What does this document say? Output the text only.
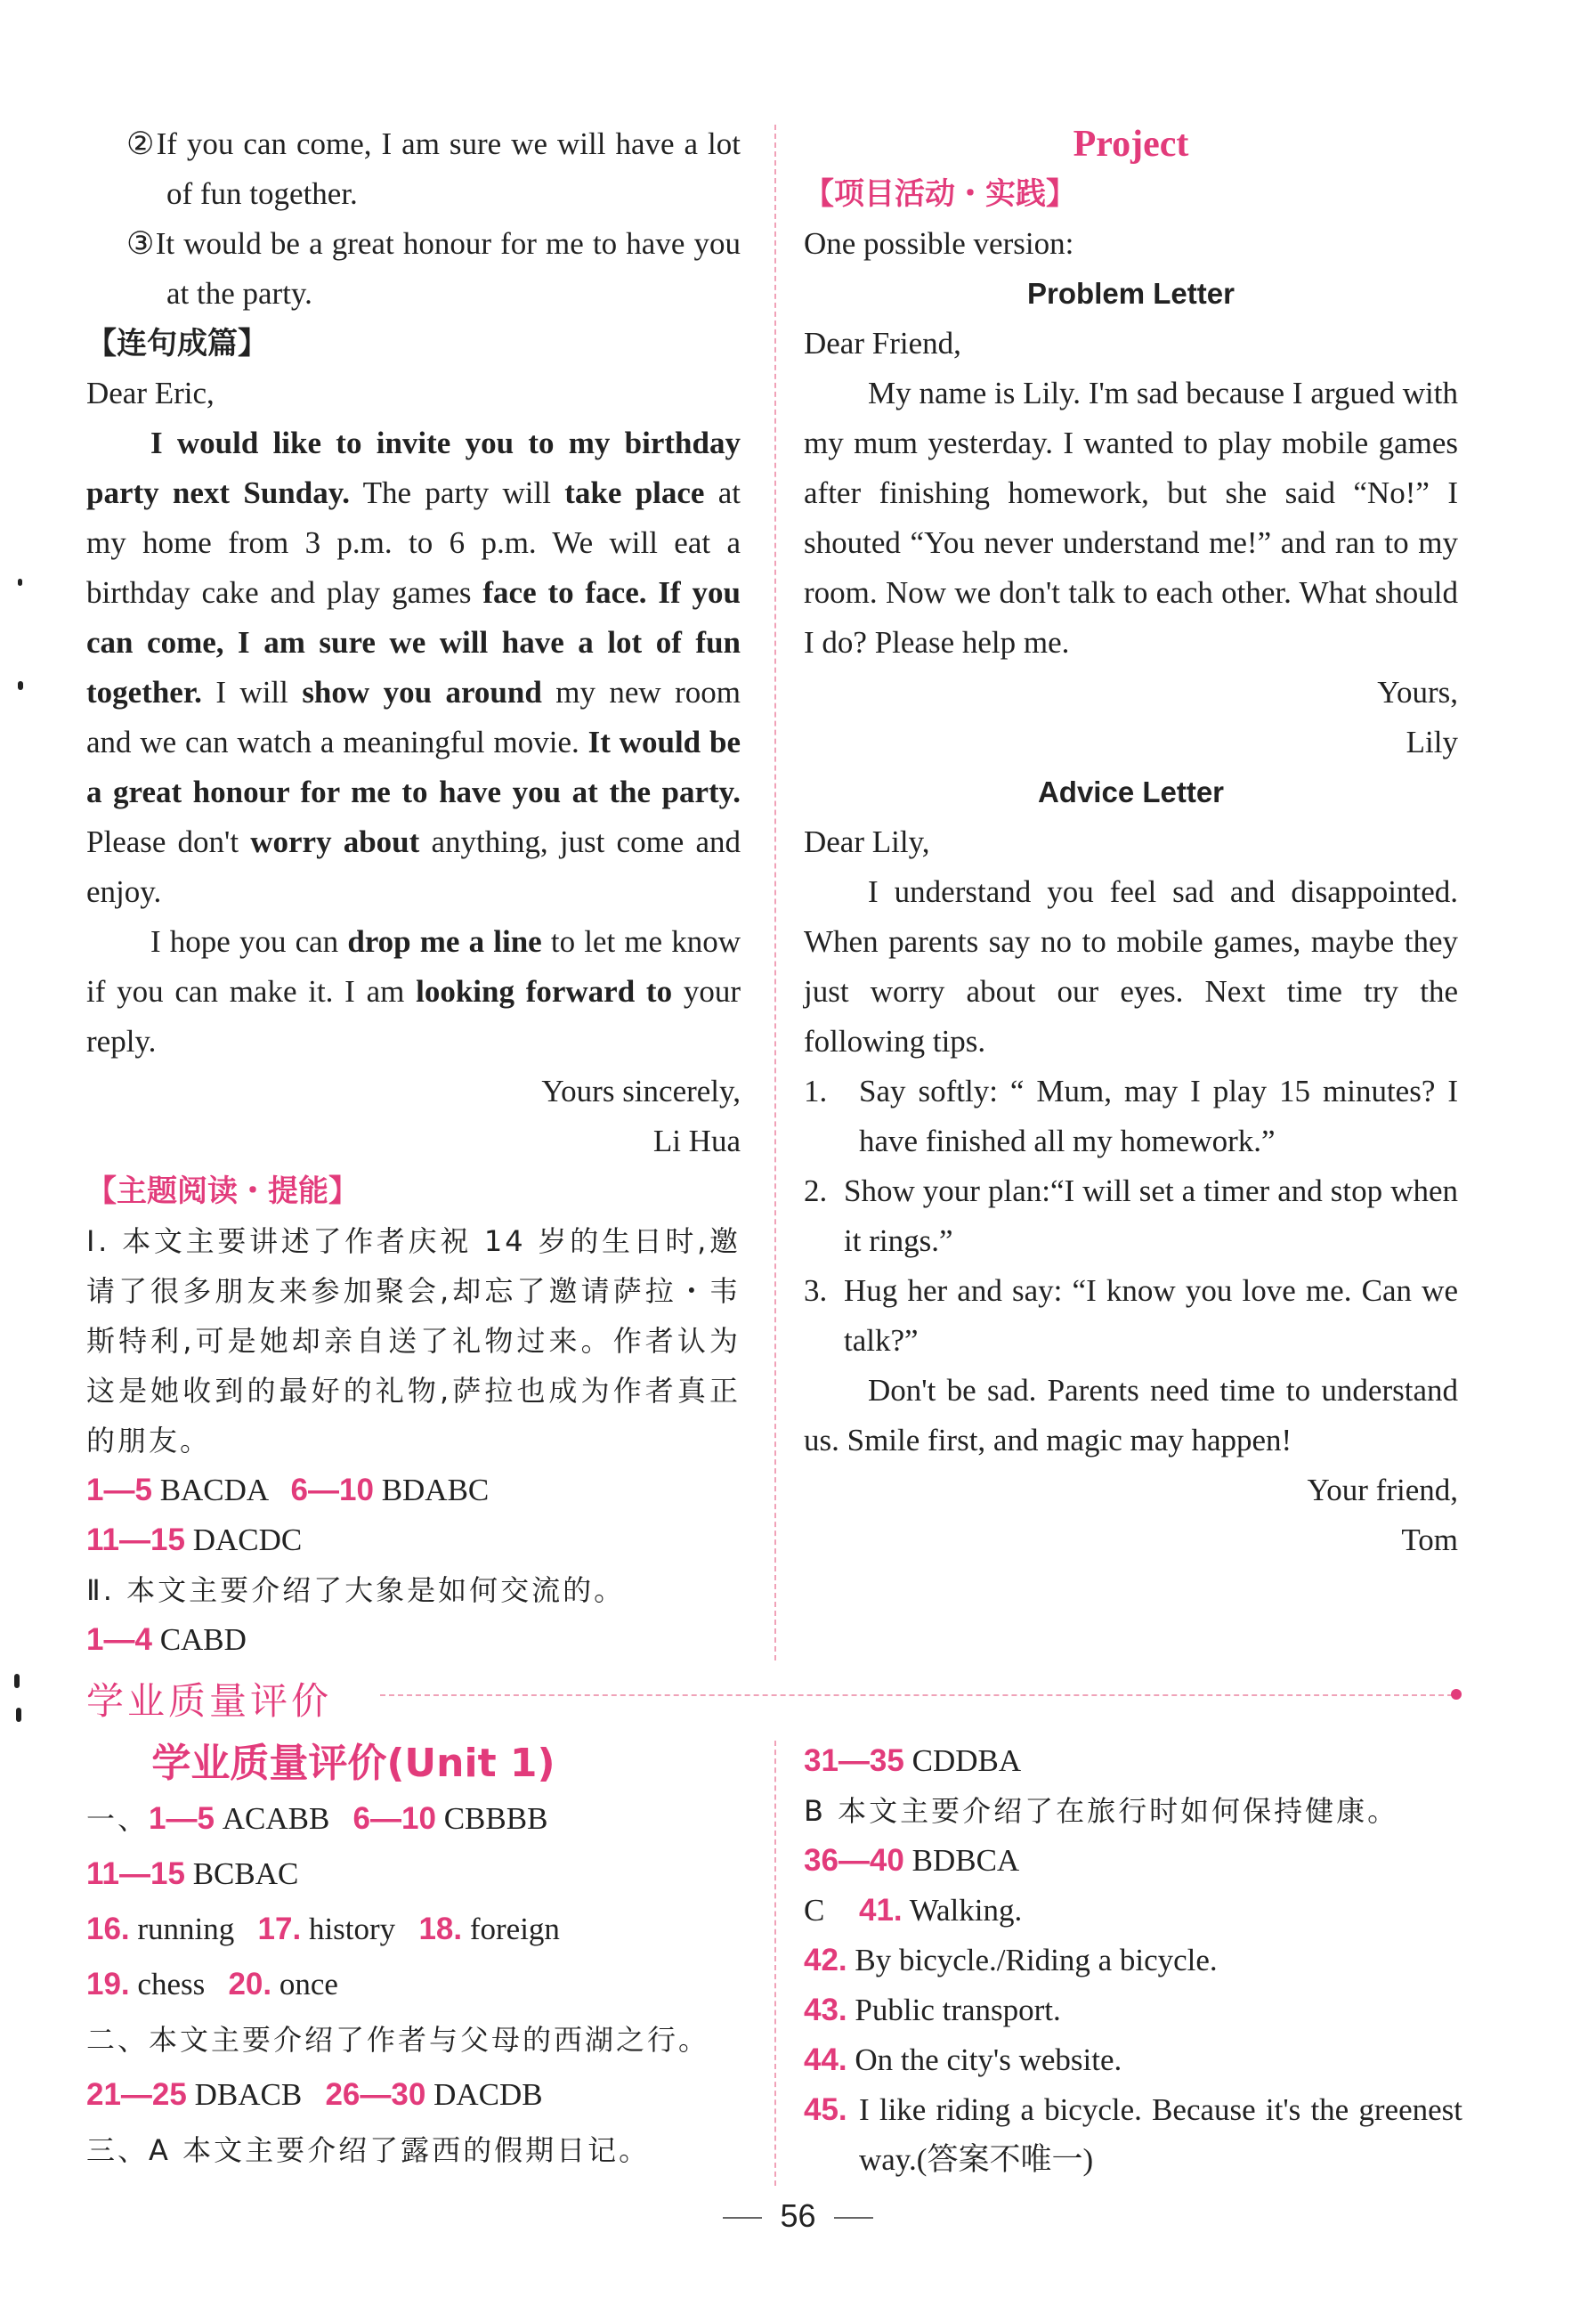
②If you can come, I am sure we will have a lot of fun together.

③It would be a great honour for me to have you at the party.

【连句成篇】

Dear Eric,

I would like to invite you to my birthday party next Sunday. The party will take place at my home from 3 p.m. to 6 p.m. We will eat a birthday cake and play games face to face. If you can come, I am sure we will have a lot of fun together. I will show you around my new room and we can watch a meaningful movie. It would be a great honour for me to have you at the party. Please don't worry about anything, just come and enjoy.

I hope you can drop me a line to let me know if you can make it. I am looking forward to your reply.

Yours sincerely,

Li Hua

【主题阅读・提能】

Ⅰ. 本文主要讲述了作者庆祝 14 岁的生日时,邀请了很多朋友来参加聚会,却忘了邀请萨拉・韦斯特利,可是她却亲自送了礼物过来。作者认为这是她收到的最好的礼物,萨拉也成为作者真正的朋友。

1—5 BACDA 6—10 BDABC

11—15 DACDC

Ⅱ. 本文主要介绍了大象是如何交流的。

1—4 CABD

Project

【项目活动・实践】

One possible version:

Problem Letter

Dear Friend,

My name is Lily. I'm sad because I argued with my mum yesterday. I wanted to play mobile games after finishing homework, but she said “No!” I shouted “You never understand me!” and ran to my room. Now we don't talk to each other. What should I do? Please help me.

Yours,

Lily

Advice Letter

Dear Lily,

I understand you feel sad and disappointed. When parents say no to mobile games, maybe they just worry about our eyes. Next time try the following tips.

1. Say softly: “ Mum, may I play 15 minutes? I have finished all my homework.”
2. Show your plan:“I will set a timer and stop when it rings.”
3. Hug her and say: “I know you love me. Can we talk?”

Don't be sad. Parents need time to understand us. Smile first, and magic may happen!

Your friend,

Tom

学业质量评价

学业质量评价(Unit 1)

一、1—5 ACABB 6—10 CBBBB

11—15 BCBAC

16. running 17. history 18. foreign

19. chess 20. once

二、本文主要介绍了作者与父母的西湖之行。

21—25 DBACB 26—30 DACDB

三、A 本文主要介绍了露西的假期日记。

31—35 CDDBA

B 本文主要介绍了在旅行时如何保持健康。

36—40 BDBCA

C 41. Walking.
42. By bicycle./Riding a bicycle.
43. Public transport.
44. On the city's website.
45. I like riding a bicycle. Because it's the greenest way.(答案不唯一)
56
